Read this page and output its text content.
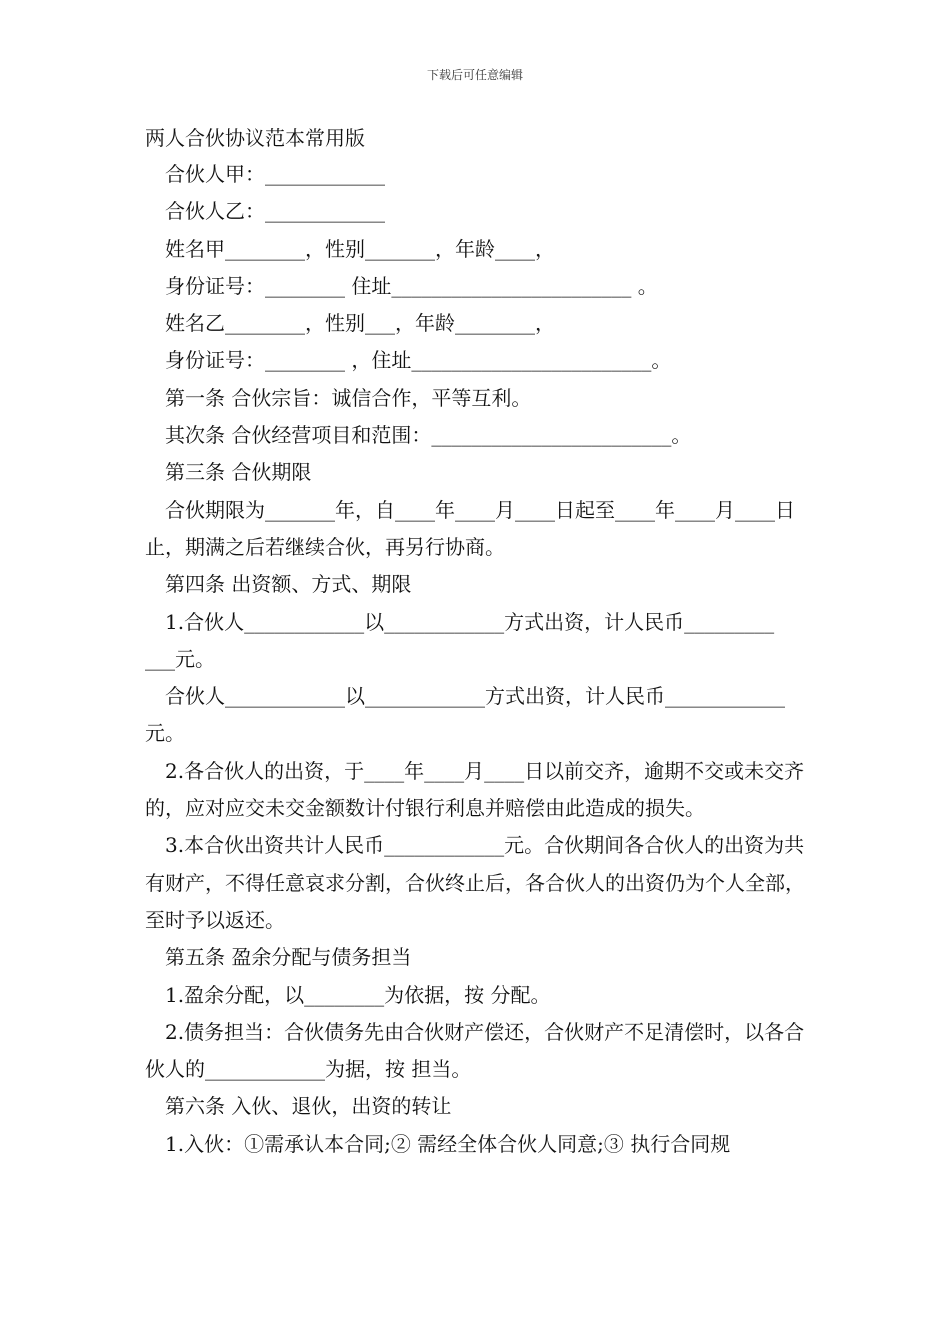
下载后可任意编辑
两人合伙协议范本常用版

合伙人甲：____________

合伙人乙：____________

姓名甲________，性别_______，年龄____，

身份证号：________ 住址________________________ 。

姓名乙________，性别___，年龄________，

身份证号：________ ，住址________________________。

第一条 合伙宗旨：诚信合作，平等互利。

其次条 合伙经营项目和范围：________________________。

第三条 合伙期限

合伙期限为_______年，自____年____月____日起至____年____月____日止，期满之后若继续合伙，再另行协商。

第四条 出资额、方式、期限

1.合伙人____________以____________方式出资，计人民币_________ ___元。

合伙人____________以____________方式出资，计人民币____________元。

2.各合伙人的出资，于____年____月____日以前交齐，逾期不交或未交齐的，应对应交未交金额数计付银行利息并赔偿由此造成的损失。

3.本合伙出资共计人民币____________元。合伙期间各合伙人的出资为共有财产，不得任意哀求分割，合伙终止后，各合伙人的出资仍为个人全部，至时予以返还。

第五条 盈余分配与债务担当

1.盈余分配，以________为依据，按 分配。

2.债务担当：合伙债务先由合伙财产偿还，合伙财产不足清偿时，以各合伙人的____________为据，按 担当。

第六条 入伙、退伙，出资的转让

1.入伙：①需承认本合同;② 需经全体合伙人同意;③ 执行合同规
